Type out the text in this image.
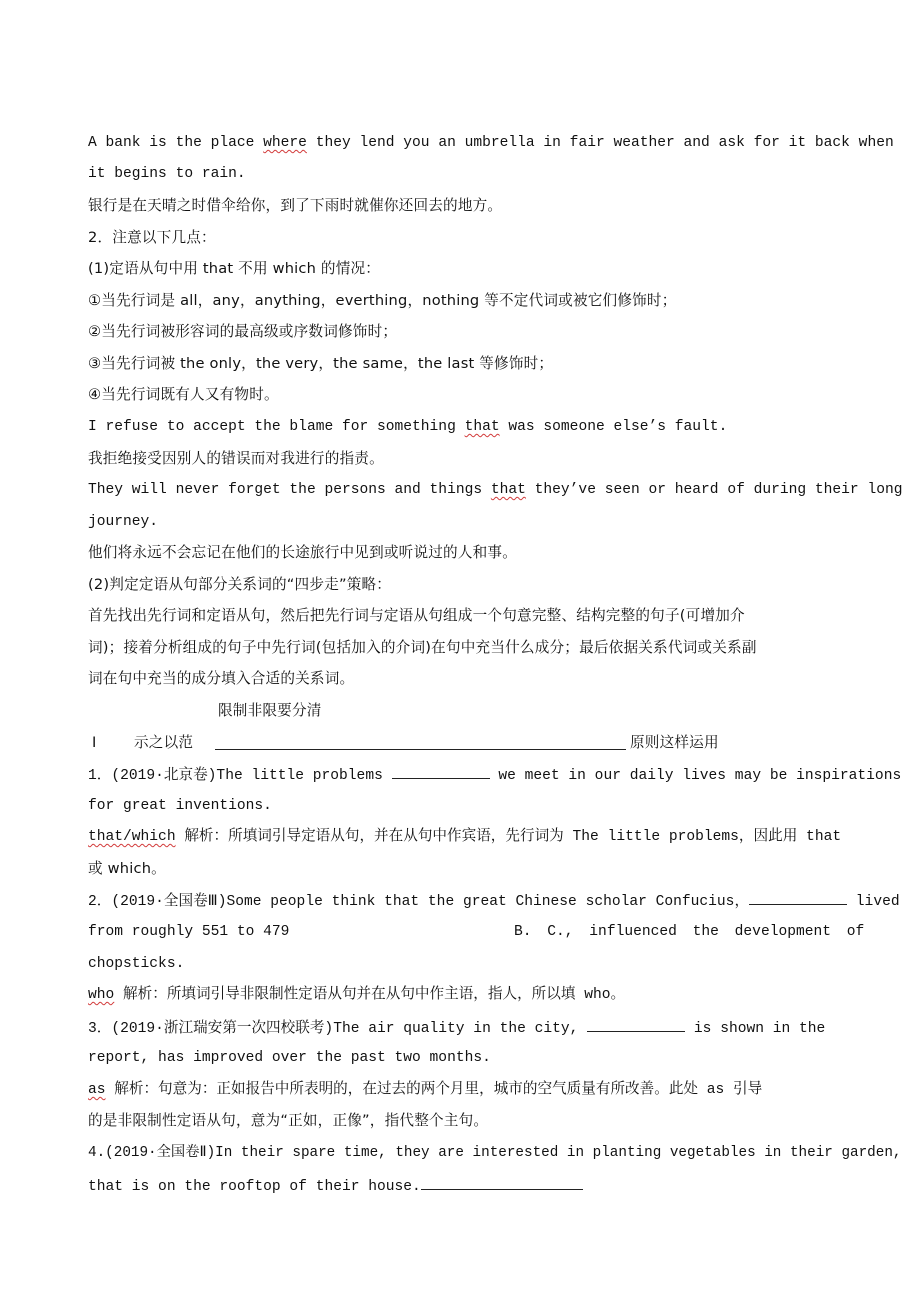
A bank is the place where they lend you an umbrella in fair weather and ask for it back when
it begins to rain.
银行是在天晴之时借伞给你，到了下雨时就催你还回去的地方。
2．注意以下几点：
(1)定语从句中用 that 不用 which 的情况：
①当先行词是 all，any，anything，everthing，nothing 等不定代词或被它们修饰时；
②当先行词被形容词的最高级或序数词修饰时；
③当先行词被 the only，the very，the same，the last 等修饰时；
④当先行词既有人又有物时。
I refuse to accept the blame for something that was someone else’s fault.
我拒绝接受因别人的错误而对我进行的指责。
They will never forget the persons and things that they’ve seen or heard of during their long
journey.
他们将永远不会忘记在他们的长途旅行中见到或听说过的人和事。
(2)判定定语从句部分关系词的“四步走”策略：
首先找出先行词和定语从句，然后把先行词与定语从句组成一个句意完整、结构完整的句子(可增加介
词)；接着分析组成的句子中先行词(包括加入的介词)在句中充当什么成分；最后依据关系代词或关系副
词在句中充当的成分填入合适的关系词。
限制非限要分清
Ⅰ	示之以范	原则这样运用
1．(2019·北京卷)The little problems	we meet in our daily lives may be inspirations
for great inventions.
that/which 解析：所填词引导定语从句，并在从句中作宾语，先行词为 The little problems，因此用 that
或 which。
2．(2019·全国卷Ⅲ)Some people think that the great Chinese scholar Confucius，	lived
from roughly 551 to 479	B. C., influenced the development of
chopsticks.
who 解析：所填词引导非限制性定语从句并在从句中作主语，指人，所以填 who。
3．(2019·浙江瑞安第一次四校联考)The air quality in the city,	is shown in the
report, has improved over the past two months.
as 解析：句意为：正如报告中所表明的，在过去的两个月里，城市的空气质量有所改善。此处 as 引导
的是非限制性定语从句，意为“正如，正像”，指代整个主句。
4.(2019·全国卷Ⅱ)In their spare time, they are interested in planting vegetables in their garden,
that is on the rooftop of their house.
